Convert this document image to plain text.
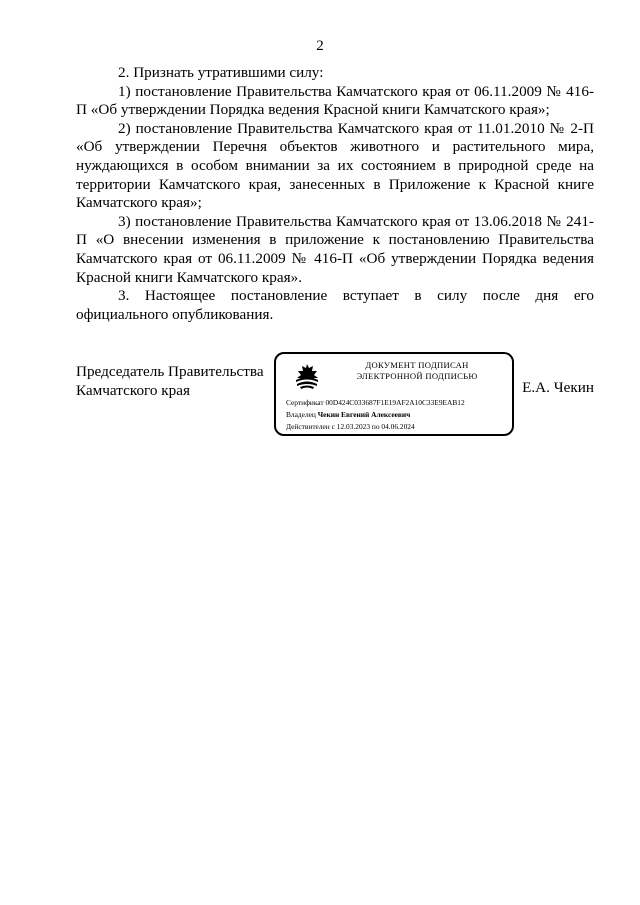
2

2. Признать утратившими силу:

1) постановление Правительства Камчатского края от 06.11.2009 № 416-П «Об утверждении Порядка ведения Красной книги Камчатского края»;

2) постановление Правительства Камчатского края от 11.01.2010 № 2-П «Об утверждении Перечня объектов животного и растительного мира, нуждающихся в особом внимании за их состоянием в природной среде на территории Камчатского края, занесенных в Приложение к Красной книге Камчатского края»;

3) постановление Правительства Камчатского края от 13.06.2018 № 241-П «О внесении изменения в приложение к постановлению Правительства Камчатского края от 06.11.2009 № 416-П «Об утверждении Порядка ведения Красной книги Камчатского края».

3. Настоящее постановление вступает в силу после дня его официального опубликования.

Председатель Правительства
Камчатского края
ДОКУМЕНТ ПОДПИСАН
ЭЛЕКТРОННОЙ ПОДПИСЬЮ
Сертификат 00D424C033687F1E19AF2A10C33E9EAB12
Владелец Чекин Евгений Алексеевич
Действителен с 12.03.2023 по 04.06.2024
Е.А. Чекин
